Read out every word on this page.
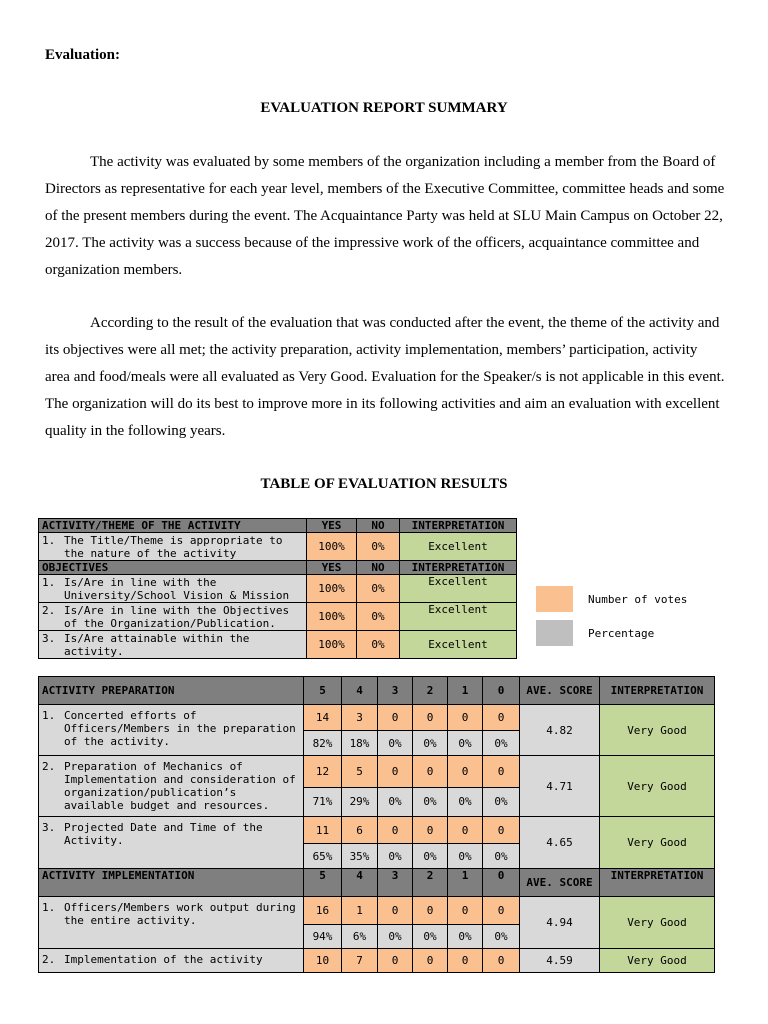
Evaluation:
EVALUATION REPORT SUMMARY
The activity was evaluated by some members of the organization including a member from the Board of Directors as representative for each year level, members of the Executive Committee, committee heads and some of the present members during the event. The Acquaintance Party was held at SLU Main Campus on October 22, 2017. The activity was a success because of the impressive work of the officers, acquaintance committee and organization members.
According to the result of the evaluation that was conducted after the event, the theme of the activity and its objectives were all met; the activity preparation, activity implementation, members’ participation, activity area and food/meals were all evaluated as Very Good. Evaluation for the Speaker/s is not applicable in this event. The organization will do its best to improve more in its following activities and aim an evaluation with excellent quality in the following years.
TABLE OF EVALUATION RESULTS
ACTIVITY/THEME OF THE ACTIVITY	YES	NO	INTERPRETATION

1. The Title/Theme is appropriate to the nature of the activity	100%	0%	Excellent
OBJECTIVES	YES	NO	INTERPRETATION

1. Is/Are in line with the University/School Vision & Mission	100%	0%	Excellent

2. Is/Are in line with the Objectives of the Organization/Publication.	100%	0%	Excellent

3. Is/Are attainable within the activity.	100%	0%	Excellent
Number of votes
Percentage
ACTIVITY PREPARATION	5	4	3	2	1	0	AVE. SCORE	INTERPRETATION

1. Concerted efforts of Officers/Members in the preparation of the activity.	14	3	0	0	0	0	4.82	Very Good
	82%	18%	0%	0%	0%	0%		

2. Preparation of Mechanics of Implementation and consideration of organization/publication’s available budget and resources.	12	5	0	0	0	0	4.71	Very Good
	71%	29%	0%	0%	0%	0%		

3. Projected Date and Time of the Activity.	11	6	0	0	0	0	4.65	Very Good
	65%	35%	0%	0%	0%	0%		
ACTIVITY IMPLEMENTATION	5	4	3	2	1	0	AVE. SCORE	INTERPRETATION

1. Officers/Members work output during the entire activity.	16	1	0	0	0	0	4.94	Very Good
	94%	6%	0%	0%	0%	0%		

2. Implementation of the activity	10	7	0	0	0	0	4.59	Very Good
